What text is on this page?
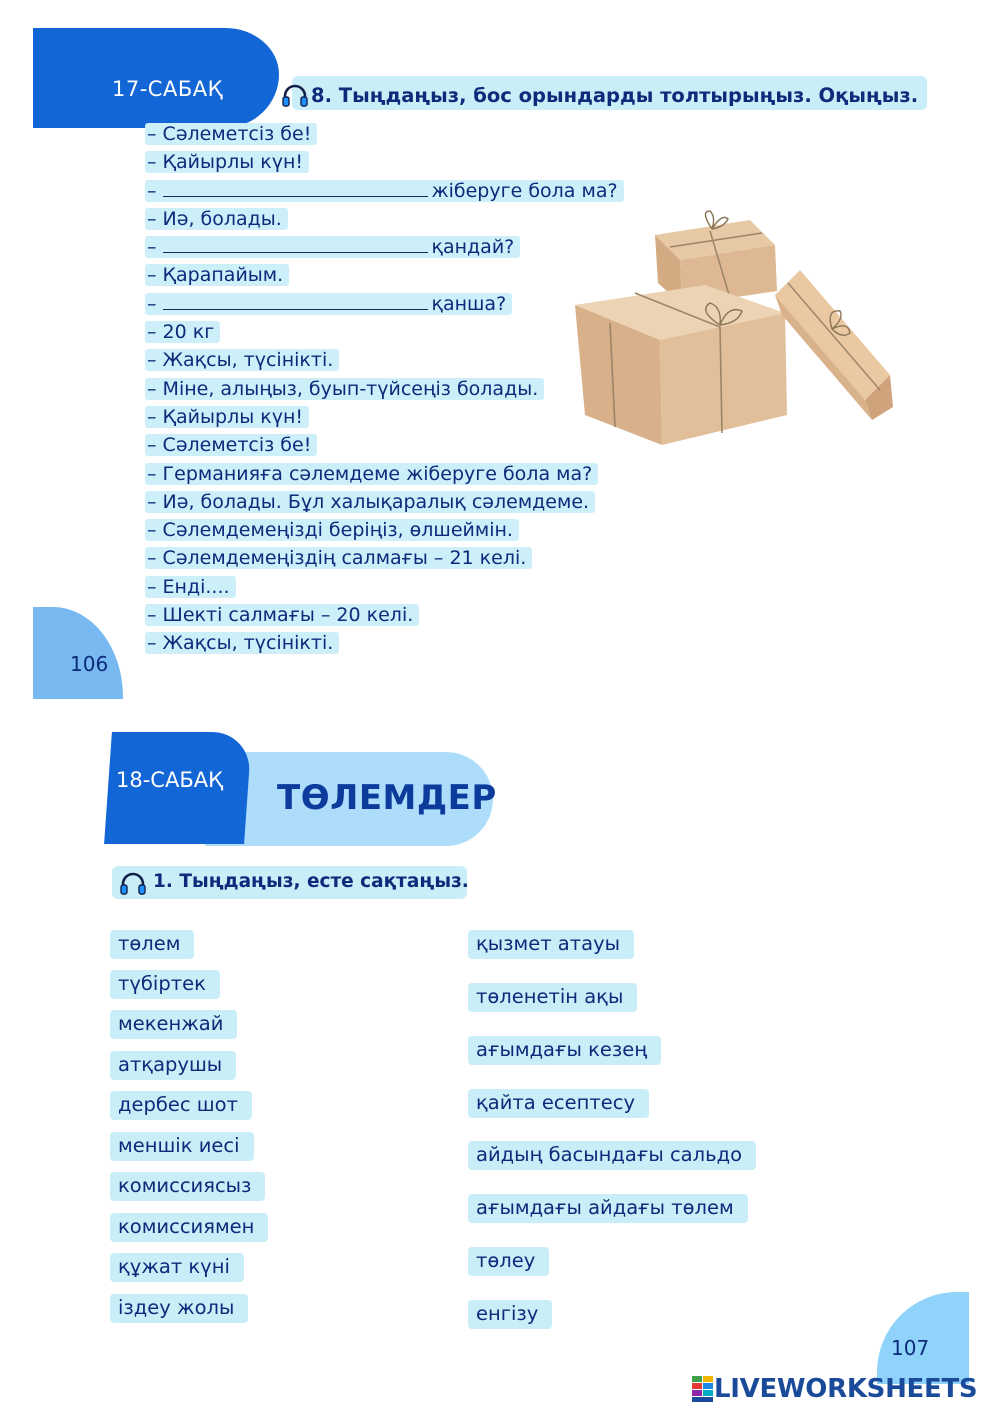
17-САБАҚ	8. Тыңдаңыз, бос орындарды толтырыңыз. Оқыңыз.
– Сәлеметсіз бе!
– Қайырлы күн!
–	жіберуге бола ма?
– Иә, болады.
–	қандай?
– Қарапайым.
–	қанша?
– 20 кг
– Жақсы, түсінікті.
– Міне, алыңыз, буып-түйсеңіз болады.
– Қайырлы күн!
– Сәлеметсіз бе!
– Германияға сәлемдеме жіберуге бола ма?
– Иә, болады. Бұл халықаралық сәлемдеме.
– Сәлемдемеңізді беріңіз, өлшеймін.
– Сәлемдемеңіздің салмағы – 21 келі.
– Енді....
– Шекті салмағы – 20 келі.
– Жақсы, түсінікті.
106
18-САБАҚ ТӨЛЕМДЕР
1. Тыңдаңыз, есте сақтаңыз.
төлем
түбіртек
мекенжай
атқарушы
дербес шот
меншік иесі
комиссиясыз
комиссиямен
құжат күні
іздеу жолы
қызмет атауы
төленетін ақы
ағымдағы кезең
қайта есептесу
айдың басындағы сальдо
ағымдағы айдағы төлем
төлеу
енгізу
107
LIVEWORKSHEETS
